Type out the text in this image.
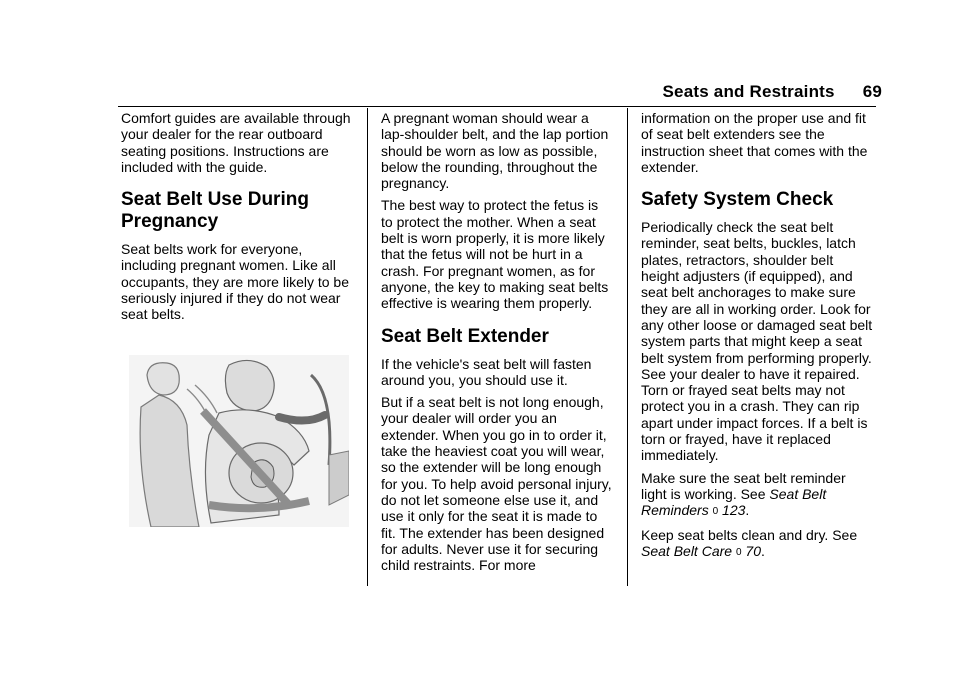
Seats and Restraints 69

Comfort guides are available through your dealer for the rear outboard seating positions. Instructions are included with the guide.

Seat Belt Use During Pregnancy

Seat belts work for everyone, including pregnant women. Like all occupants, they are more likely to be seriously injured if they do not wear seat belts.

A pregnant woman should wear a lap-shoulder belt, and the lap portion should be worn as low as possible, below the rounding, throughout the pregnancy.

The best way to protect the fetus is to protect the mother. When a seat belt is worn properly, it is more likely that the fetus will not be hurt in a crash. For pregnant women, as for anyone, the key to making seat belts effective is wearing them properly.

Seat Belt Extender

If the vehicle's seat belt will fasten around you, you should use it.

But if a seat belt is not long enough, your dealer will order you an extender. When you go in to order it, take the heaviest coat you will wear, so the extender will be long enough for you. To help avoid personal injury, do not let someone else use it, and use it only for the seat it is made to fit. The extender has been designed for adults. Never use it for securing child restraints. For more

information on the proper use and fit of seat belt extenders see the instruction sheet that comes with the extender.

Safety System Check

Periodically check the seat belt reminder, seat belts, buckles, latch plates, retractors, shoulder belt height adjusters (if equipped), and seat belt anchorages to make sure they are all in working order. Look for any other loose or damaged seat belt system parts that might keep a seat belt system from performing properly. See your dealer to have it repaired. Torn or frayed seat belts may not protect you in a crash. They can rip apart under impact forces. If a belt is torn or frayed, have it replaced immediately.

Make sure the seat belt reminder light is working. See Seat Belt Reminders 0 123.

Keep seat belts clean and dry. See Seat Belt Care 0 70.
